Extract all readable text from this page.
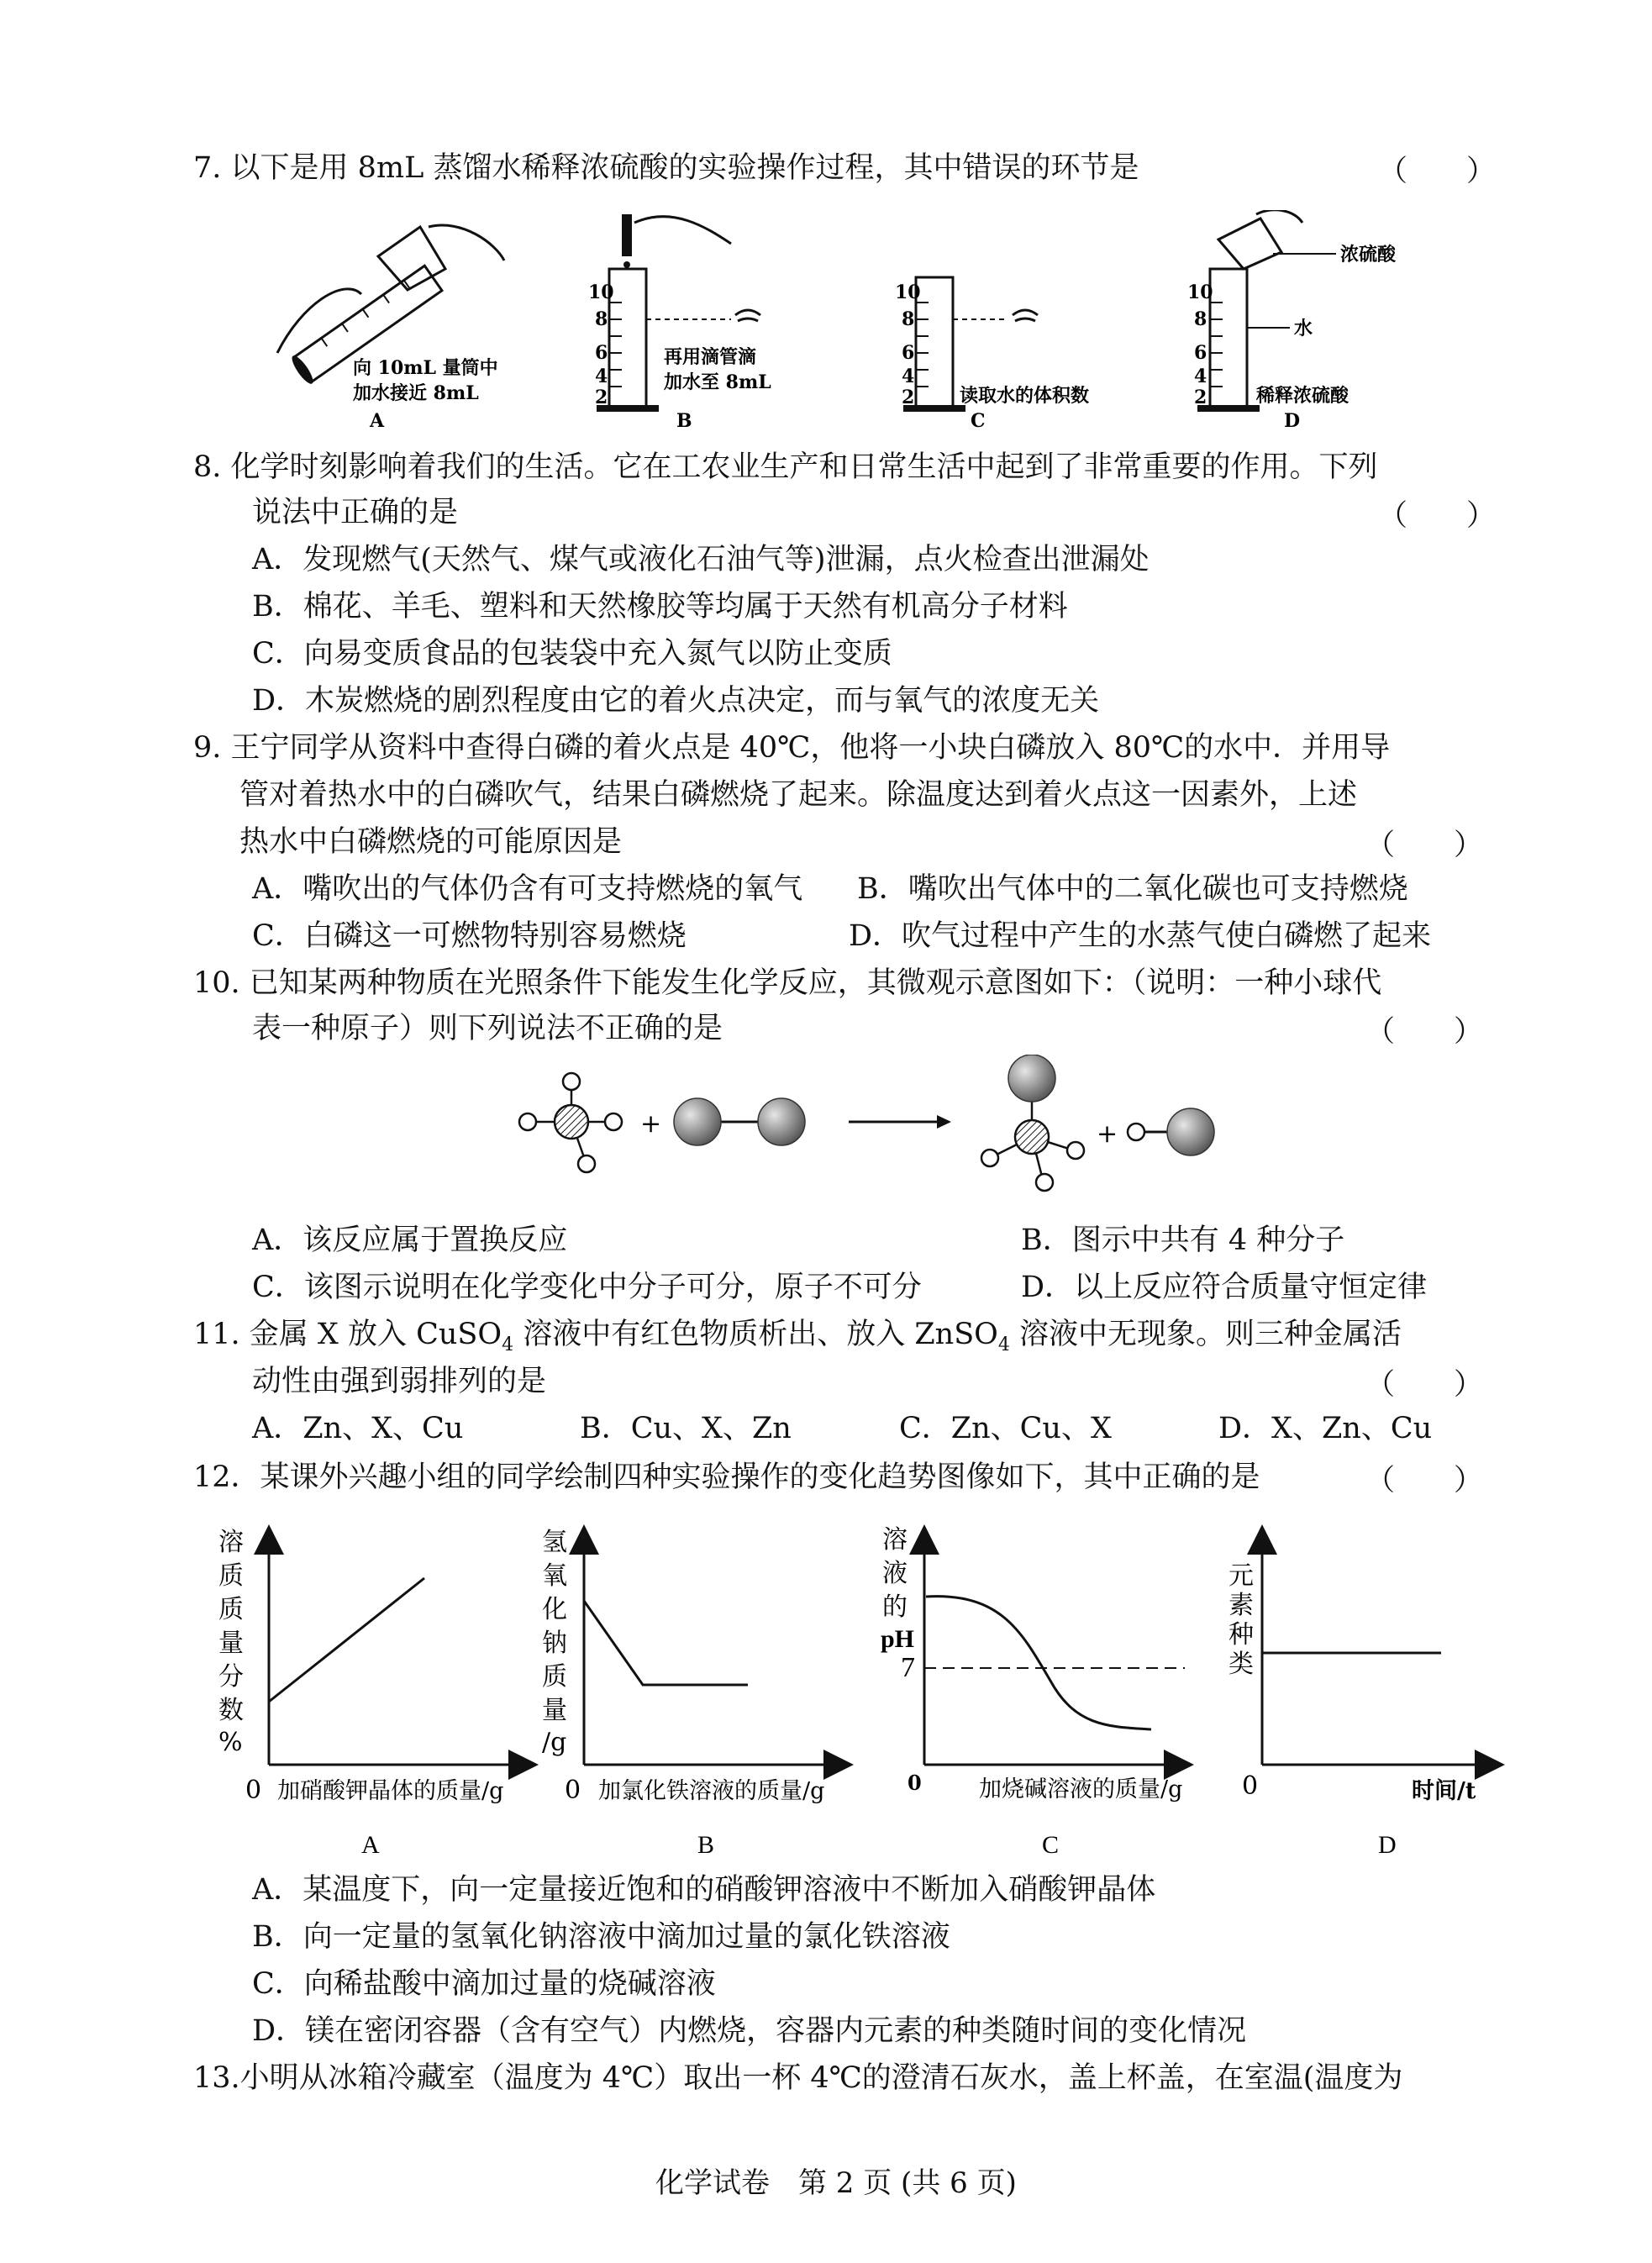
7. 以下是用 8mL 蒸馏水稀释浓硫酸的实验操作过程，其中错误的环节是	（　　）
向 10mL 量筒中
加水接近 8mL
A
10
8
6
4
2
再用滴管滴
加水至 8mL
B
10
8
6
4
2 读取水的体积数
C
10
8
6
4
2
浓硫酸
水
稀释浓硫酸
D
8. 化学时刻影响着我们的生活。它在工农业生产和日常生活中起到了非常重要的作用。下列
说法中正确的是	（　　）
A．发现燃气(天然气、煤气或液化石油气等)泄漏，点火检查出泄漏处
B．棉花、羊毛、塑料和天然橡胶等均属于天然有机高分子材料
C．向易变质食品的包装袋中充入氮气以防止变质
D．木炭燃烧的剧烈程度由它的着火点决定，而与氧气的浓度无关
9. 王宁同学从资料中查得白磷的着火点是 40℃，他将一小块白磷放入 80℃的水中．并用导
管对着热水中的白磷吹气，结果白磷燃烧了起来。除温度达到着火点这一因素外，上述
热水中白磷燃烧的可能原因是	（　　）
A．嘴吹出的气体仍含有可支持燃烧的氧气 B．嘴吹出气体中的二氧化碳也可支持燃烧
C．白磷这一可燃物特别容易燃烧	D．吹气过程中产生的水蒸气使白磷燃了起来
10. 已知某两种物质在光照条件下能发生化学反应，其微观示意图如下：（说明：一种小球代
表一种原子）则下列说法不正确的是	（　　）
+	+
A．该反应属于置换反应	B．图示中共有 4 种分子
C．该图示说明在化学变化中分子可分，原子不可分	D．以上反应符合质量守恒定律
11. 金属 X 放入 CuSO$_4$ 溶液中有红色物质析出、放入 ZnSO$_4$ 溶液中无现象。则三种金属活
动性由强到弱排列的是	（　　）
A．Zn、X、Cu	B．Cu、X、Zn	C．Zn、Cu、X	D．X、Zn、Cu
12．某课外兴趣小组的同学绘制四种实验操作的变化趋势图像如下，其中正确的是	（　　）
溶
质
质
量
分
数
%
0 加硝酸钾晶体的质量/g
A
氢
氧
化
钠
质
量
/g
0 加氯化铁溶液的质量/g
B
溶
液
的
pH
7
0	加烧碱溶液的质量/g
C
元
素
种
类
0	时间/t
D
A．某温度下，向一定量接近饱和的硝酸钾溶液中不断加入硝酸钾晶体
B．向一定量的氢氧化钠溶液中滴加过量的氯化铁溶液
C．向稀盐酸中滴加过量的烧碱溶液
D．镁在密闭容器（含有空气）内燃烧，容器内元素的种类随时间的变化情况
13.小明从冰箱冷藏室（温度为 4℃）取出一杯 4℃的澄清石灰水，盖上杯盖，在室温(温度为
化学试卷　第 2 页 (共 6 页)
